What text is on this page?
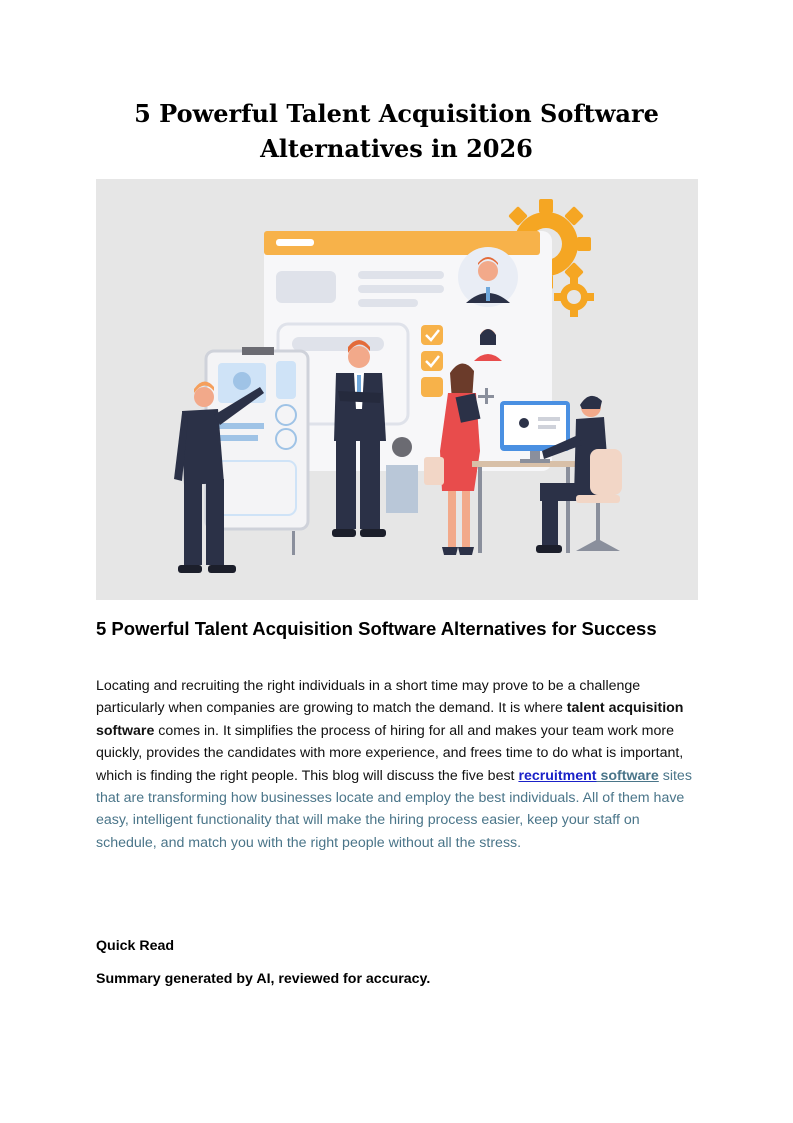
5 Powerful Talent Acquisition Software
Alternatives in 2026
5 Powerful Talent Acquisition Software Alternatives for Success

Locating and recruiting the right individuals in a short time may prove to be a challenge particularly when companies are growing to match the demand. It is where talent acquisition software comes in. It simplifies the process of hiring for all and makes your team work more quickly, provides the candidates with more experience, and frees time to do what is important, which is finding the right people. This blog will discuss the five best recruitment software sites that are transforming how businesses locate and employ the best individuals. All of them have easy, intelligent functionality that will make the hiring process easier, keep your staff on schedule, and match you with the right people without all the stress.

Quick Read

Summary generated by AI, reviewed for accuracy.
